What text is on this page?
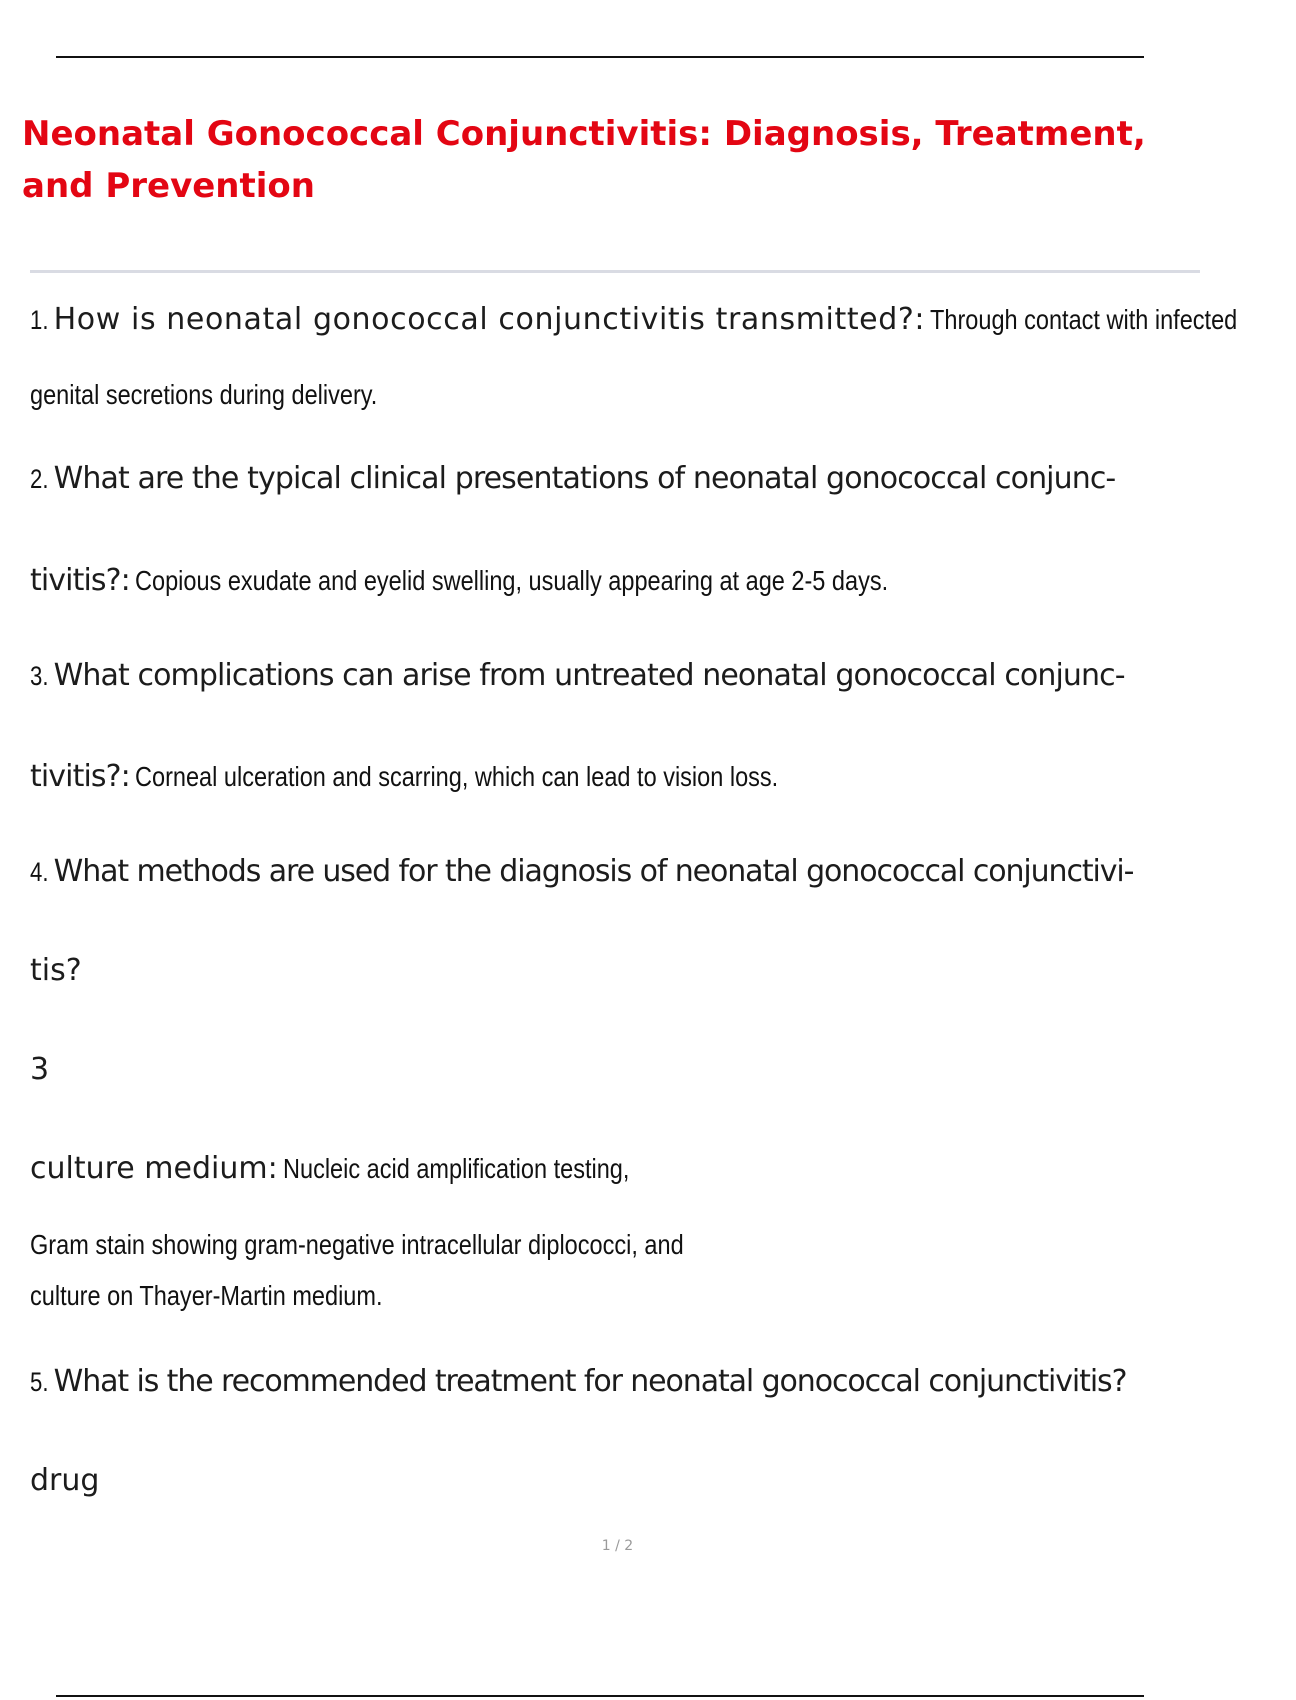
Neonatal Gonococcal Conjunctivitis: Diagnosis, Treatment,
and Prevention
1. How is neonatal gonococcal conjunctivitis transmitted?: Through contact with infected
genital secretions during delivery.
2. What are the typical clinical presentations of neonatal gonococcal conjunc-
tivitis?: Copious exudate and eyelid swelling, usually appearing at age 2-5 days.
3. What complications can arise from untreated neonatal gonococcal conjunc-
tivitis?: Corneal ulceration and scarring, which can lead to vision loss.
4. What methods are used for the diagnosis of neonatal gonococcal conjunctivi-
tis?
3
culture medium: Nucleic acid amplification testing,
Gram stain showing gram-negative intracellular diplococci, and
culture on Thayer-Martin medium.
5. What is the recommended treatment for neonatal gonococcal conjunctivitis?
drug
1 / 2
